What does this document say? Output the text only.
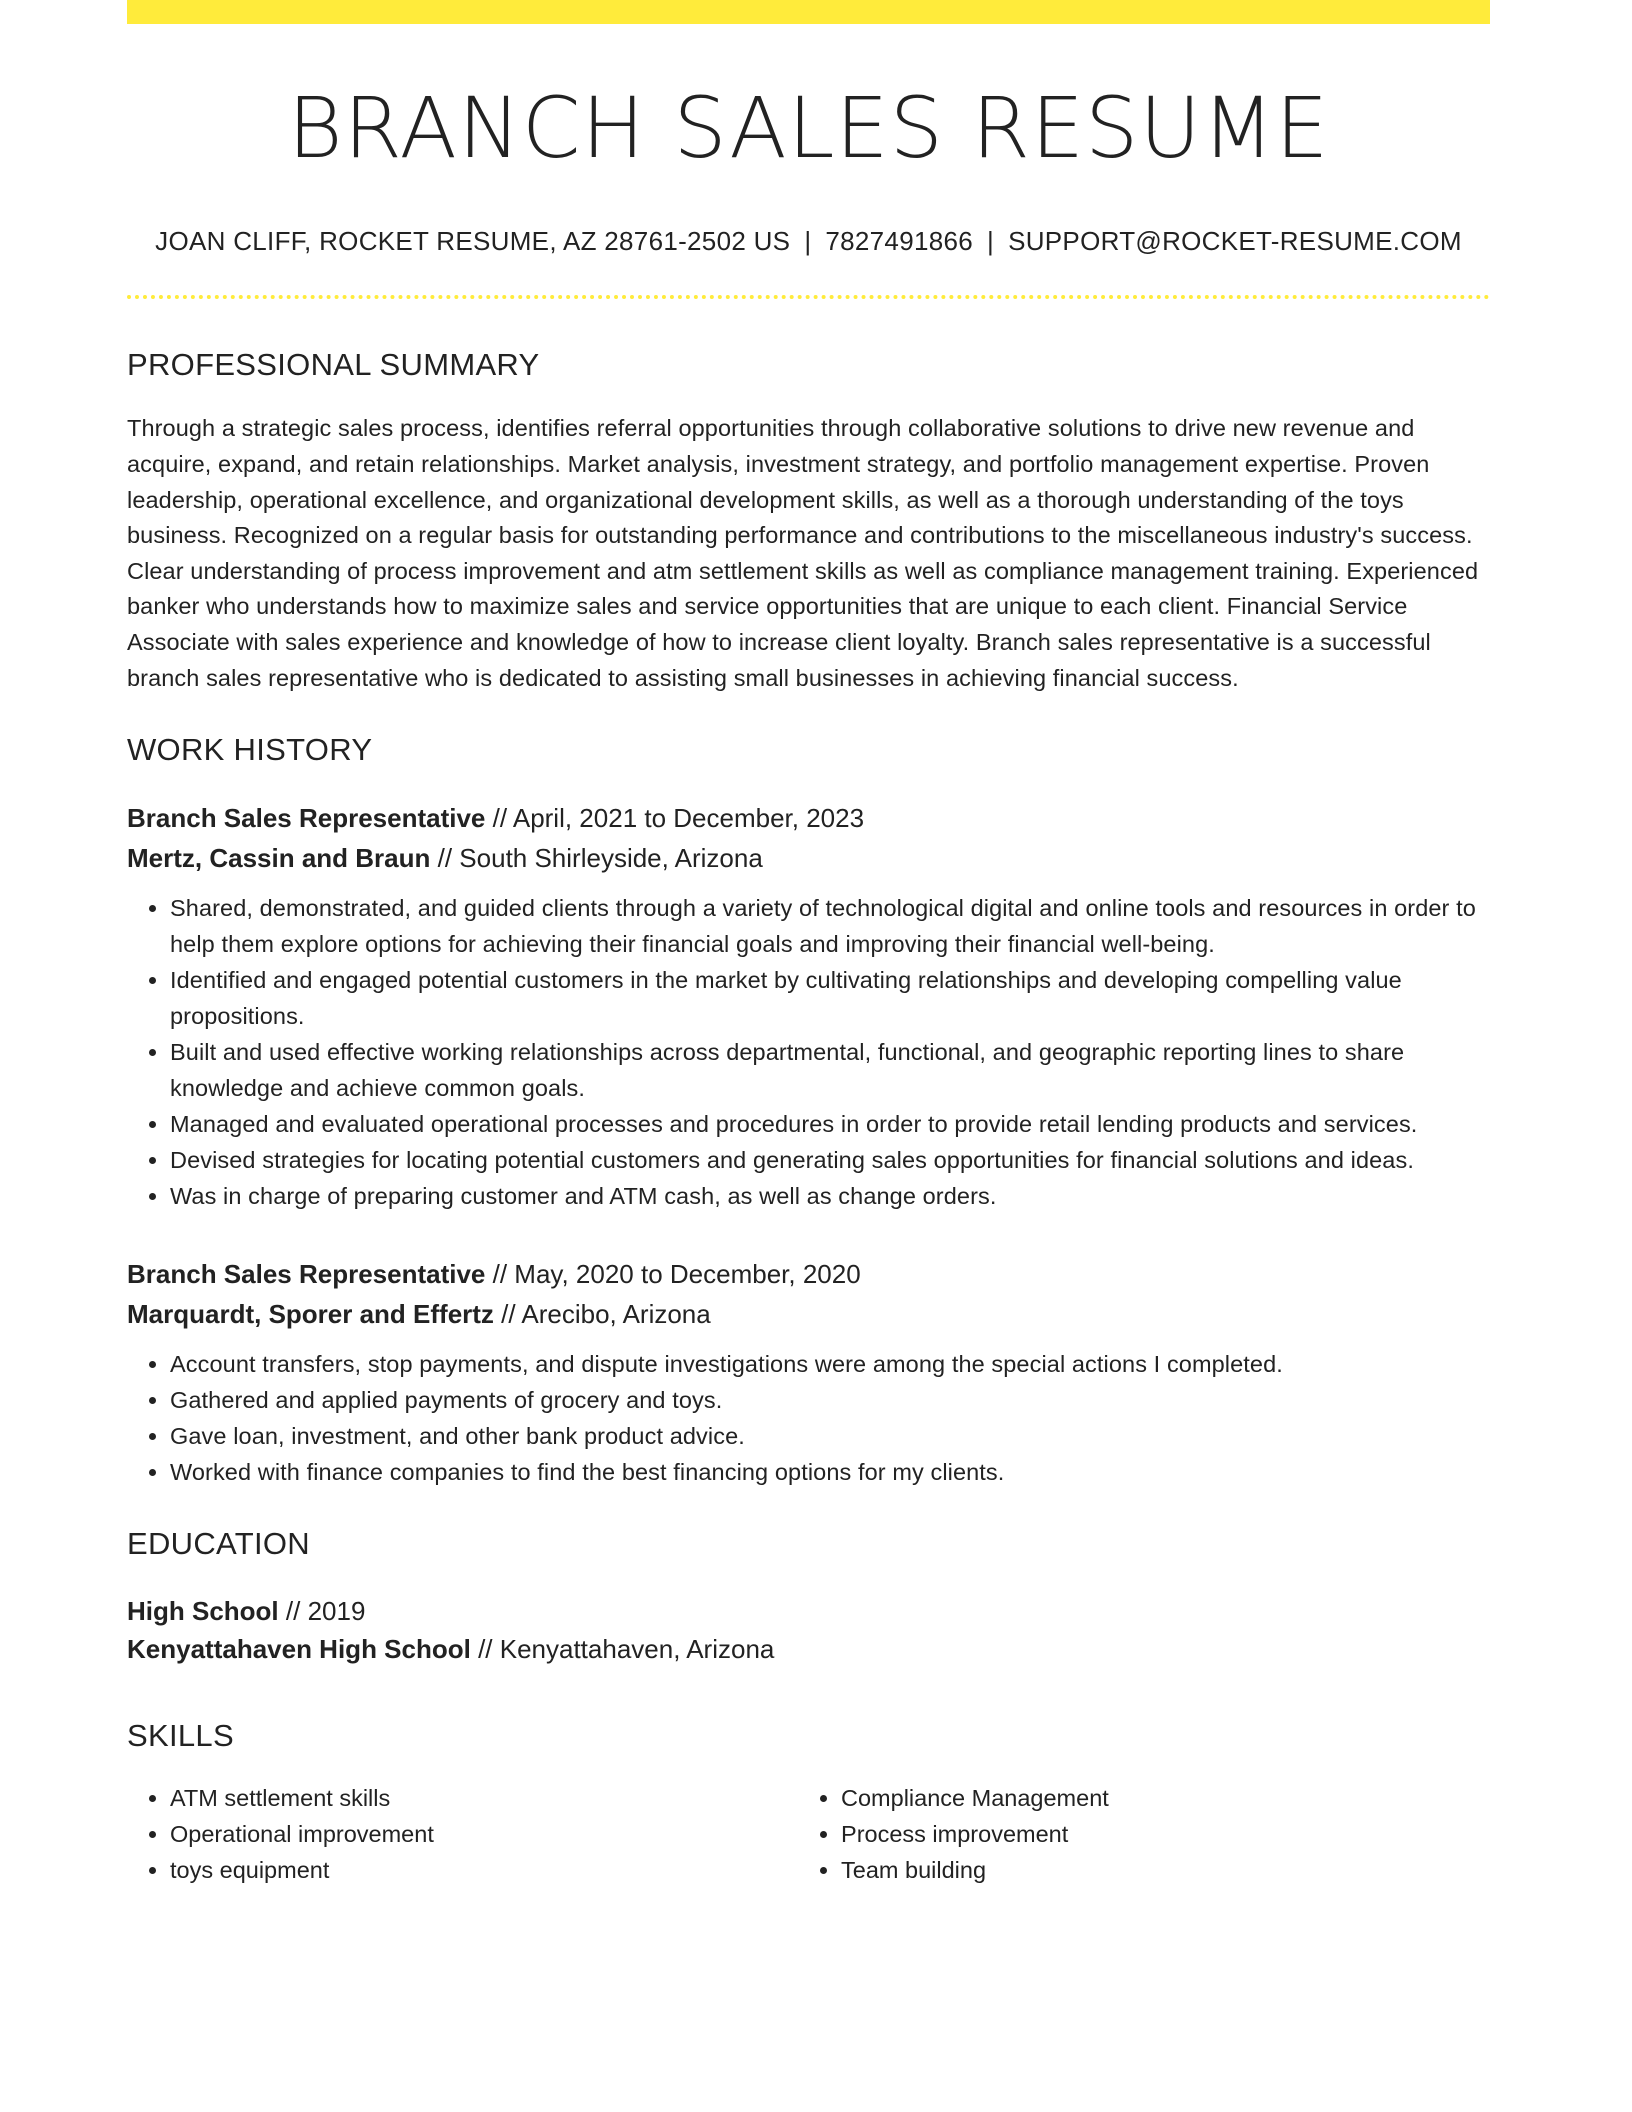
BRANCH SALES RESUME
JOAN CLIFF, ROCKET RESUME, AZ 28761-2502 US | 7827491866 | SUPPORT@ROCKET-RESUME.COM
PROFESSIONAL SUMMARY
Through a strategic sales process, identifies referral opportunities through collaborative solutions to drive new revenue and acquire, expand, and retain relationships. Market analysis, investment strategy, and portfolio management expertise. Proven leadership, operational excellence, and organizational development skills, as well as a thorough understanding of the toys business. Recognized on a regular basis for outstanding performance and contributions to the miscellaneous industry's success. Clear understanding of process improvement and atm settlement skills as well as compliance management training. Experienced banker who understands how to maximize sales and service opportunities that are unique to each client. Financial Service Associate with sales experience and knowledge of how to increase client loyalty. Branch sales representative is a successful branch sales representative who is dedicated to assisting small businesses in achieving financial success.
WORK HISTORY
Branch Sales Representative // April, 2021 to December, 2023
Mertz, Cassin and Braun // South Shirleyside, Arizona
• Shared, demonstrated, and guided clients through a variety of technological digital and online tools and resources in order to help them explore options for achieving their financial goals and improving their financial well-being.
• Identified and engaged potential customers in the market by cultivating relationships and developing compelling value propositions.
• Built and used effective working relationships across departmental, functional, and geographic reporting lines to share knowledge and achieve common goals.
• Managed and evaluated operational processes and procedures in order to provide retail lending products and services.
• Devised strategies for locating potential customers and generating sales opportunities for financial solutions and ideas.
• Was in charge of preparing customer and ATM cash, as well as change orders.
Branch Sales Representative // May, 2020 to December, 2020
Marquardt, Sporer and Effertz // Arecibo, Arizona
• Account transfers, stop payments, and dispute investigations were among the special actions I completed.
• Gathered and applied payments of grocery and toys.
• Gave loan, investment, and other bank product advice.
• Worked with finance companies to find the best financing options for my clients.
EDUCATION
High School // 2019
Kenyattahaven High School // Kenyattahaven, Arizona
SKILLS
• ATM settlement skills
• Operational improvement
• toys equipment
• Compliance Management
• Process improvement
• Team building
